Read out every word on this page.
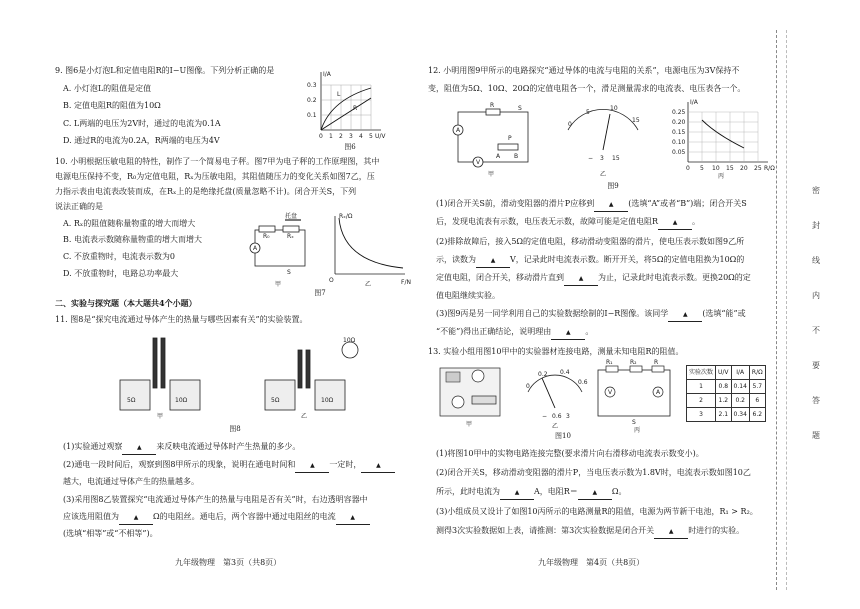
9. 图6是小灯泡L和定值电阻R的I−U图像。下列分析正确的是
A. 小灯泡L的阻值是定值
B. 定值电阻R的阻值为10Ω
C. L两端的电压为2V时，通过的电流为0.1A
D. 通过R的电流为0.2A，R两端的电压为4V
I/A
U/V
0.3
0.2
0.1
0 1 2 3 4 5
L
R
图6
10. 小明根据压敏电阻的特性，制作了一个简易电子秤。图7甲为电子秤的工作原理图，其中
电源电压保持不变，R₀为定值电阻，Rₓ为压敏电阻，其阻值随压力的变化关系如图7乙，压
力指示表由电流表改装而成，在Rₓ上的是绝缘托盘(质量忽略不计)。闭合开关S，下列
说法正确的是
A. Rₓ的阻值随称量物重的增大而增大
B. 电流表示数随称量物重的增大而增大
C. 不放重物时，电流表示数为0
D. 不放重物时，电路总功率最大
A
托盘
R₀	Rₓ
S
甲
Rₓ/Ω
F/N
O
乙
图7
二、实验与探究题（本大题共4个小题）
11. 图8是“探究电流通过导体产生的热量与哪些因素有关”的实验装置。
5Ω	10Ω
甲
5Ω
10Ω
10Ω
乙
图8
(1)实验通过观察 ▲ 来反映电流通过导体时产生热量的多少。
(2)通电一段时间后，观察到图8甲所示的现象，说明在通电时间和 ▲ 一定时， ▲
越大，电流通过导体产生的热量越多。
(3)采用图8乙装置探究“电流通过导体产生的热量与电阻是否有关”时，右边透明容器中
应该选用阻值为 ▲ Ω的电阻丝。通电后，两个容器中通过电阻丝的电流 ▲
(选填“相等”或“不相等”)。
九年级物理　第3页（共8页）
12. 小明用图9甲所示的电路探究“通过导体的电流与电阻的关系”，电源电压为3V保持不
变，阻值为5Ω、10Ω、20Ω的定值电阻各一个，滑足测量需求的电流表、电压表各一个。
A
V
R
P
S
A B
甲
0
5
10
15
− 3 15
乙
I/A
R/Ω
0.25
0.20
0.15
0.10
0.05
0 5 10 15 20 25
丙
图9
(1)闭合开关S前，滑动变阻器的滑片P应移到 ▲ (选填“A”或者“B”)端；闭合开关S
后，发现电流表有示数，电压表无示数，故障可能是定值电阻R ▲ 。
(2)排除故障后，接入5Ω的定值电阻，移动滑动变阻器的滑片，使电压表示数如图9乙所
示，读数为 ▲ V，记录此时电流表示数。断开开关，将5Ω的定值电阻换为10Ω的
定值电阻，闭合开关，移动滑片直到 ▲ 为止，记录此时电流表示数。更换20Ω的定
值电阻继续实验。
(3)图9丙是另一同学利用自己的实验数据绘制的I−R图像。该同学 ▲ (选填“能”或
“不能”)得出正确结论，说明理由 ▲ 。
13. 实验小组用图10甲中的实验器材连接电路，测量未知电阻R的阻值。
甲
0
0.2 0.4
0.6
− 0.6 3
乙
V	A
R₁	R₂	R
S
丙
图10
实验次数	U/V	I/A	R/Ω
1	0.8	0.14	5.7
2	1.2	0.2	6
3	2.1	0.34	6.2
(1)将图10甲中的实物电路连接完整(要求滑片向右滑移动电流表示数变小)。
(2)闭合开关S，移动滑动变阻器的滑片P，当电压表示数为1.8V时，电流表示数如图10乙
所示，此时电流为 ▲ A，电阻R＝ ▲ Ω。
(3)小组成员又设计了如图10丙所示的电路测量R的阻值，电源为两节新干电池，R₁ > R₂。
测得3次实验数据如上表，请推测：第3次实验数据是闭合开关 ▲ 时进行的实验。
九年级物理　第4页（共8页）
密
封
线
内
不
要
答
题
